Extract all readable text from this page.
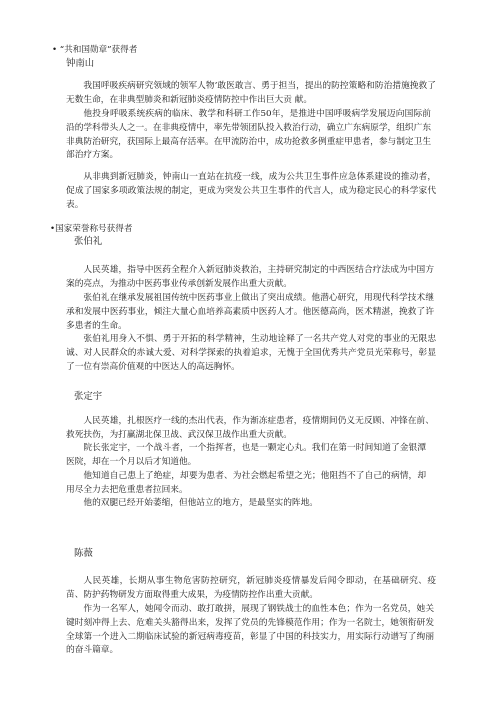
• “共和国勋章”获得者
钟南山

我国呼吸疾病研究领域的领军人物’敢医敢言、勇于担当，提出的防控策略和防治措施挽救了无数生命，在非典型肺炎和新冠肺炎疫情防控中作出巨大贡 献。

他投身呼吸系统疾病的临床、教学和科研工作50年，是推进中国呼吸病学发展迈向国际前沿的学科带头人之一。在非典疫情中，率先带领团队投入救治行动，确立广东病原学，组织广东非典防治研究，获国际上最高存活率。在甲流防治中，成功抢救多例重症甲患者，参与制定卫生部治疗方案。

从非典到新冠肺炎，钟南山一直站在抗疫一线，成为公共卫生事件应急体系建设的推动者，促成了国家多项政策法规的制定，更成为突发公共卫生事件的代言人，成为稳定民心的科学家代表。

•国家荣誉称号获得者
张伯礼

人民英雄，指导中医药全程介入新冠肺炎救治，主持研究制定的中西医结合疗法成为中国方案的亮点，为推动中医药事业传承创新发展作出重大贡献。

张伯礼在继承发展祖国传统中医药事业上做出了突出成绩。他潜心研究，用现代科学技术继承和发展中医药事业，倾注大量心血培养高素质中医药人才。他医德高尚，医术精湛，挽救了许多患者的生命。

张伯礼用身入不惧、勇于开拓的科学精神，生动地诠释了一名共产党人对党的事业的无限忠诚、对人民群众的赤诚大爱、对科学探索的执着追求，无愧于全国优秀共产党员光荣称号，彰显了一位有崇高价值观的中医达人的高远胸怀。

张定宇

人民英雄，扎根医疗一线的杰出代表，作为渐冻症患者，疫情期间仍义无反顾、冲锋在前、救死扶伤，为打赢湖北保卫战、武汉保卫战作出重大贡献。

院长张定宇，一个战斗者，一个指挥者，也是一颗定心丸。我们在第一时间知道了金银潭医院，却在一个月以后才知道他。

他知道自己患上了绝症，却要为患者、为社会燃起希望之光；他阻挡不了自己的病情，却用尽全力去把危重患者拉回来。

他的双腿已经开始萎缩，但他站立的地方，是最坚实的阵地。

陈薇

人民英雄，长期从事生物危害防控研究，新冠肺炎疫情暴发后闻令即动，在基础研究、疫苗、防护药物研发方面取得重大成果，为疫情防控作出重大贡献。

作为一名军人，她闻令而动、敢打敢拼，展现了钢铁战士的血性本色；作为一名党员，她关键时刻冲得上去、危难关头豁得出来，发挥了党员的先锋模范作用；作为一名院士，她领衔研发全球第一个进入二期临床试验的新冠病毒疫苗，彰显了中国的科技实力，用实际行动谱写了绚丽的奋斗篇章。
